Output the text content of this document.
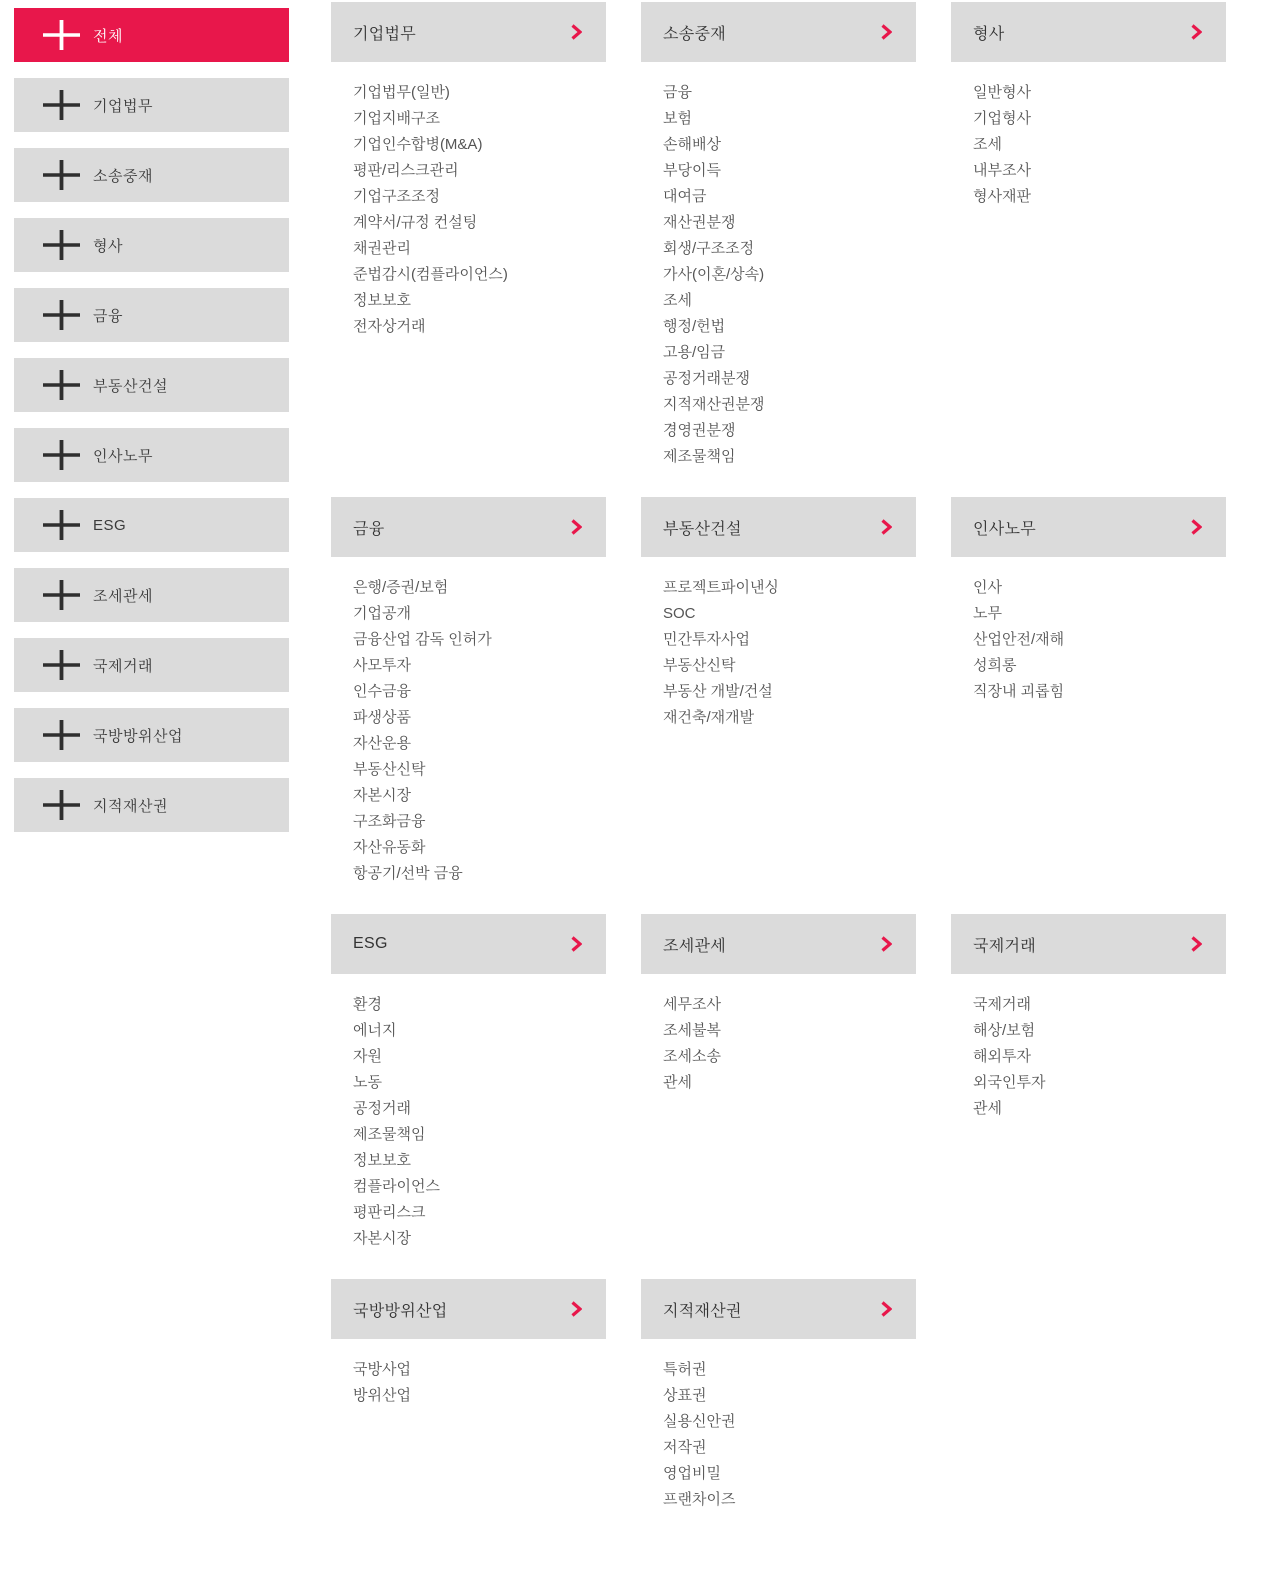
전체
기업법무
소송중재
형사
금융
부동산건설
인사노무
ESG
조세관세
국제거래
국방방위산업
지적재산권
기업법무
기업법무(일반)
기업지배구조
기업인수합병(M&A)
평판/리스크관리
기업구조조정
계약서/규정 컨설팅
채권관리
준법감시(컴플라이언스)
정보보호
전자상거래
소송중재
금융
보험
손해배상
부당이득
대여금
재산권분쟁
회생/구조조정
가사(이혼/상속)
조세
행정/헌법
고용/임금
공정거래분쟁
지적재산권분쟁
경영권분쟁
제조물책임
형사
일반형사
기업형사
조세
내부조사
형사재판
금융
은행/증권/보험
기업공개
금융산업 감독 인허가
사모투자
인수금융
파생상품
자산운용
부동산신탁
자본시장
구조화금융
자산유동화
항공기/선박 금융
부동산건설
프로젝트파이낸싱
SOC
민간투자사업
부동산신탁
부동산 개발/건설
재건축/재개발
인사노무
인사
노무
산업안전/재해
성희롱
직장내 괴롭힘
ESG
환경
에너지
자원
노동
공정거래
제조물책임
정보보호
컴플라이언스
평판리스크
자본시장
조세관세
세무조사
조세불복
조세소송
관세
국제거래
국제거래
해상/보험
해외투자
외국인투자
관세
국방방위산업
국방사업
방위산업
지적재산권
특허권
상표권
실용신안권
저작권
영업비밀
프랜차이즈
